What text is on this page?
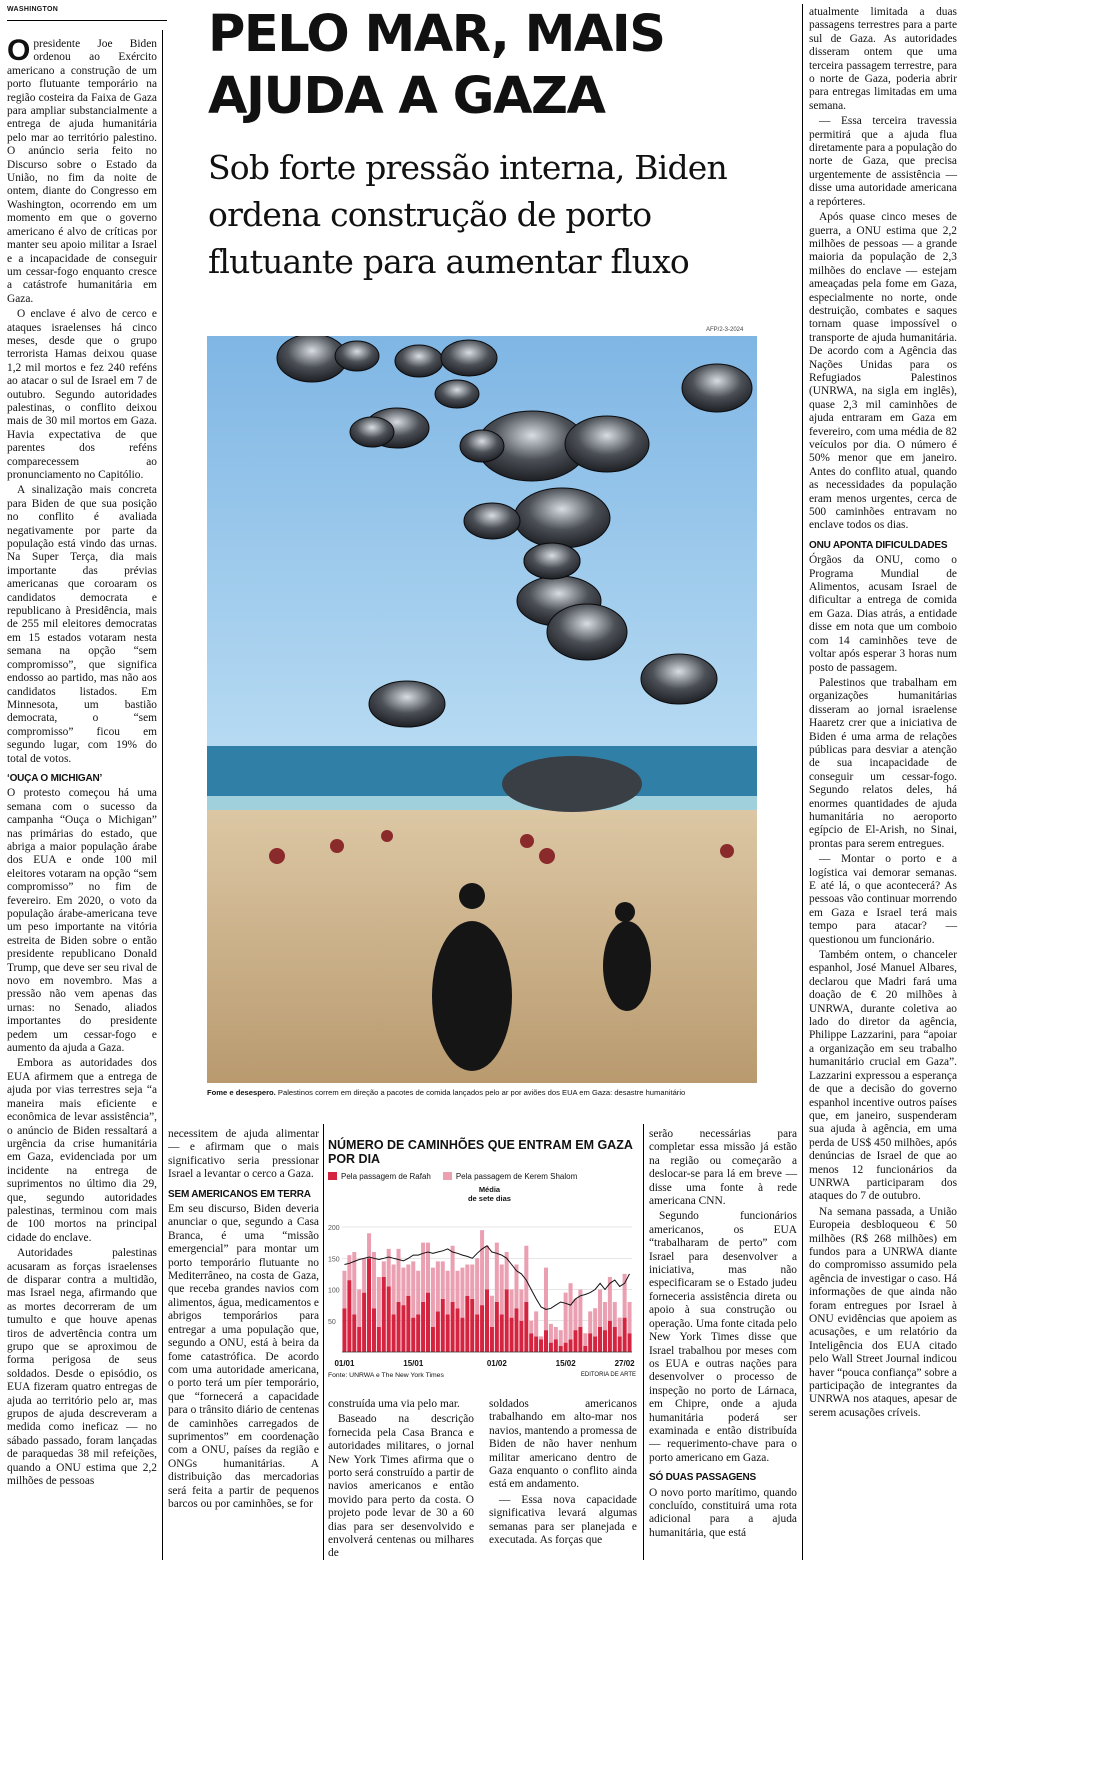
WASHINGTON	PELO MAR, MAIS AJUDA A GAZA
Sob forte pressão interna, Biden ordena construção de porto flutuante para aumentar fluxo
AFP/2-3-2024

Opresidente Joe Biden ordenou ao Exército americano a construção de um porto flutuante temporário na região costeira da Faixa de Gaza para ampliar substancialmente a entrega de ajuda humanitária pelo mar ao território palestino. O anúncio seria feito no Discurso sobre o Estado da União, no fim da noite de ontem, diante do Congresso em Washington, ocorrendo em um momento em que o governo americano é alvo de críticas por manter seu apoio militar a Israel e a incapacidade de conseguir um cessar-fogo enquanto cresce a catástrofe humanitária em Gaza.

O enclave é alvo de cerco e ataques israelenses há cinco meses, desde que o grupo terrorista Hamas deixou quase 1,2 mil mortos e fez 240 reféns ao atacar o sul de Israel em 7 de outubro. Segundo autoridades palestinas, o conflito deixou mais de 30 mil mortos em Gaza. Havia expectativa de que parentes dos reféns comparecessem ao pronunciamento no Capitólio.

A sinalização mais concreta para Biden de que sua posição no conflito é avaliada negativamente por parte da população está vindo das urnas. Na Super Terça, dia mais importante das prévias americanas que coroaram os candidatos democrata e republicano à Presidência, mais de 255 mil eleitores democratas em 15 estados votaram nesta semana na opção “sem compromisso”, que significa endosso ao partido, mas não aos candidatos listados. Em Minnesota, um bastião democrata, o “sem compromisso” ficou em segundo lugar, com 19% do total de votos.

‘OUÇA O MICHIGAN’

O protesto começou há uma semana com o sucesso da campanha “Ouça o Michigan” nas primárias do estado, que abriga a maior população árabe dos EUA e onde 100 mil eleitores votaram na opção “sem compromisso” no fim de fevereiro. Em 2020, o voto da população árabe-americana teve um peso importante na vitória estreita de Biden sobre o então presidente republicano Donald Trump, que deve ser seu rival de novo em novembro. Mas a pressão não vem apenas das urnas: no Senado, aliados importantes do presidente pedem um cessar-fogo e aumento da ajuda a Gaza.

Embora as autoridades dos EUA afirmem que a entrega de ajuda por vias terrestres seja “a maneira mais eficiente e econômica de levar assistência”, o anúncio de Biden ressaltará a urgência da crise humanitária em Gaza, evidenciada por um incidente na entrega de suprimentos no último dia 29, que, segundo autoridades palestinas, terminou com mais de 100 mortos na principal cidade do enclave.

Autoridades palestinas acusaram as forças israelenses de disparar contra a multidão, mas Israel nega, afirmando que as mortes decorreram de um tumulto e que houve apenas tiros de advertência contra um grupo que se aproximou de forma perigosa de seus soldados. Desde o episódio, os EUA fizeram quatro entregas de ajuda ao território pelo ar, mas grupos de ajuda descreveram a medida como ineficaz — no sábado passado, foram lançadas de paraquedas 38 mil refeições, quando a ONU estima que 2,2 milhões de pessoas

Fome e desespero. Palestinos correm em direção a pacotes de comida lançados pelo ar por aviões dos EUA em Gaza: desastre humanitário

necessitem de ajuda alimentar — e afirmam que o mais significativo seria pressionar Israel a levantar o cerco a Gaza.

SEM AMERICANOS EM TERRA

Em seu discurso, Biden deveria anunciar o que, segundo a Casa Branca, é uma “missão emergencial” para montar um porto temporário flutuante no Mediterrâneo, na costa de Gaza, que receba grandes navios com alimentos, água, medicamentos e abrigos temporários para entregar a uma população que, segundo a ONU, está à beira da fome catastrófica. De acordo com uma autoridade americana, o porto terá um píer temporário, que “fornecerá a capacidade para o trânsito diário de centenas de caminhões carregados de suprimentos” em coordenação com a ONU, países da região e ONGs humanitárias. A distribuição das mercadorias será feita a partir de pequenos barcos ou por caminhões, se for

NÚMERO DE CAMINHÕES QUE ENTRAM EM GAZA POR DIA
Pela passagem de Rafah	Pela passagem de Kerem Shalom
50
100
150
200
01/01	15/01	01/02	15/02	27/02
Média de sete dias
Fonte: UNRWA e The New York Times	EDITORIA DE ARTE

construída uma via pelo mar.

Baseado na descrição fornecida pela Casa Branca e autoridades militares, o jornal New York Times afirma que o porto será construído a partir de navios americanos e então movido para perto da costa. O projeto pode levar de 30 a 60 dias para ser desenvolvido e envolverá centenas ou milhares de

soldados americanos trabalhando em alto-mar nos navios, mantendo a promessa de Biden de não haver nenhum militar americano dentro de Gaza enquanto o conflito ainda está em andamento.

— Essa nova capacidade significativa levará algumas semanas para ser planejada e executada. As forças que

serão necessárias para completar essa missão já estão na região ou começarão a deslocar-se para lá em breve — disse uma fonte à rede americana CNN.

Segundo funcionários americanos, os EUA “trabalharam de perto” com Israel para desenvolver a iniciativa, mas não especificaram se o Estado judeu forneceria assistência direta ou apoio à sua construção ou operação. Uma fonte citada pelo New York Times disse que Israel trabalhou por meses com os EUA e outras nações para desenvolver o processo de inspeção no porto de Lárnaca, em Chipre, onde a ajuda humanitária poderá ser examinada e então distribuída — requerimento-chave para o porto americano em Gaza.

SÓ DUAS PASSAGENS

O novo porto marítimo, quando concluído, constituirá uma rota adicional para a ajuda humanitária, que está

atualmente limitada a duas passagens terrestres para a parte sul de Gaza. As autoridades disseram ontem que uma terceira passagem terrestre, para o norte de Gaza, poderia abrir para entregas limitadas em uma semana.

— Essa terceira travessia permitirá que a ajuda flua diretamente para a população do norte de Gaza, que precisa urgentemente de assistência — disse uma autoridade americana a repórteres.

Após quase cinco meses de guerra, a ONU estima que 2,2 milhões de pessoas — a grande maioria da população de 2,3 milhões do enclave — estejam ameaçadas pela fome em Gaza, especialmente no norte, onde destruição, combates e saques tornam quase impossível o transporte de ajuda humanitária. De acordo com a Agência das Nações Unidas para os Refugiados Palestinos (UNRWA, na sigla em inglês), quase 2,3 mil caminhões de ajuda entraram em Gaza em fevereiro, com uma média de 82 veículos por dia. O número é 50% menor que em janeiro. Antes do conflito atual, quando as necessidades da população eram menos urgentes, cerca de 500 caminhões entravam no enclave todos os dias.

ONU APONTA DIFICULDADES

Órgãos da ONU, como o Programa Mundial de Alimentos, acusam Israel de dificultar a entrega de comida em Gaza. Dias atrás, a entidade disse em nota que um comboio com 14 caminhões teve de voltar após esperar 3 horas num posto de passagem.

Palestinos que trabalham em organizações humanitárias disseram ao jornal israelense Haaretz crer que a iniciativa de Biden é uma arma de relações públicas para desviar a atenção de sua incapacidade de conseguir um cessar-fogo. Segundo relatos deles, há enormes quantidades de ajuda humanitária no aeroporto egípcio de El-Arish, no Sinai, prontas para serem entregues.

— Montar o porto e a logística vai demorar semanas. E até lá, o que acontecerá? As pessoas vão continuar morrendo em Gaza e Israel terá mais tempo para atacar? — questionou um funcionário.

Também ontem, o chanceler espanhol, José Manuel Albares, declarou que Madri fará uma doação de € 20 milhões à UNRWA, durante coletiva ao lado do diretor da agência, Philippe Lazzarini, para “apoiar a organização em seu trabalho humanitário crucial em Gaza”. Lazzarini expressou a esperança de que a decisão do governo espanhol incentive outros países que, em janeiro, suspenderam sua ajuda à agência, em uma perda de US$ 450 milhões, após denúncias de Israel de que ao menos 12 funcionários da UNRWA participaram dos ataques do 7 de outubro.

Na semana passada, a União Europeia desbloqueou € 50 milhões (R$ 268 milhões) em fundos para a UNRWA diante do compromisso assumido pela agência de investigar o caso. Há informações de que ainda não foram entregues por Israel à ONU evidências que apoiem as acusações, e um relatório da Inteligência dos EUA citado pelo Wall Street Journal indicou haver “pouca confiança” sobre a participação de integrantes da UNRWA nos ataques, apesar de serem acusações críveis.
